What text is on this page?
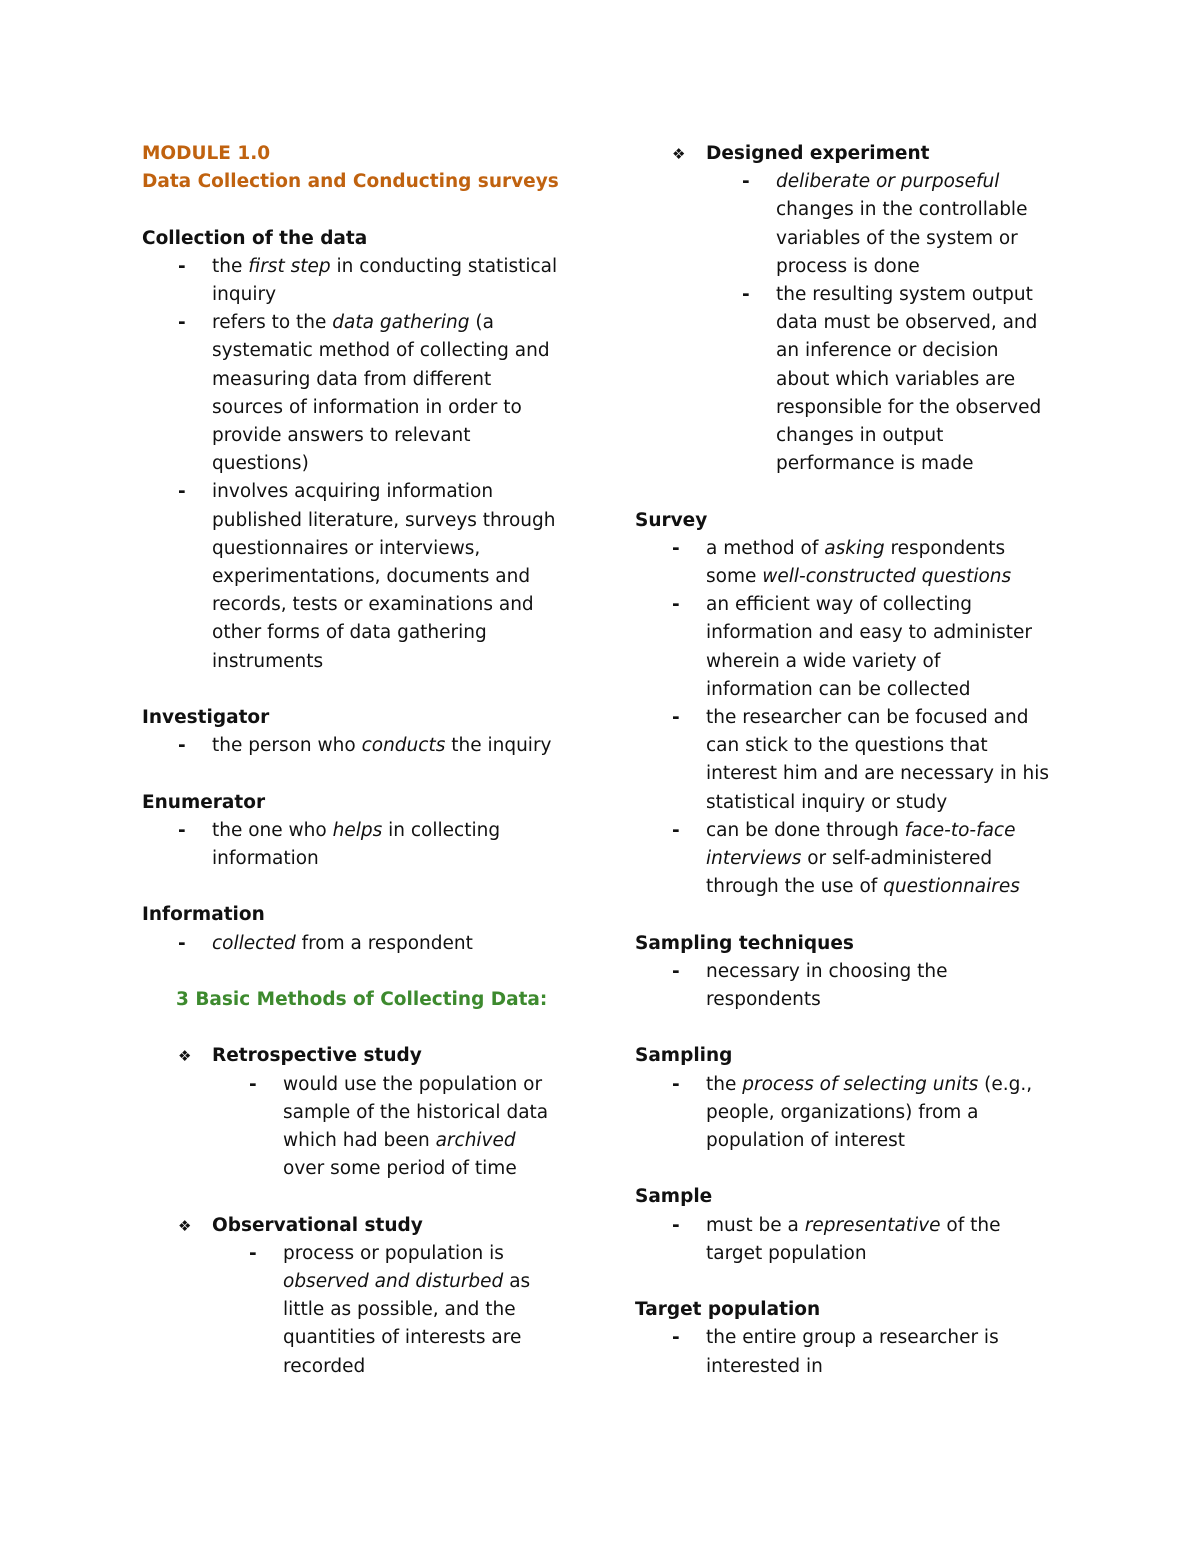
MODULE 1.0
Data Collection and Conducting surveys
Collection of the data
- the first step in conducting statistical
inquiry
- refers to the data gathering (a
systematic method of collecting and
measuring data from different
sources of information in order to
provide answers to relevant
questions)
- involves acquiring information
published literature, surveys through
questionnaires or interviews,
experimentations, documents and
records, tests or examinations and
other forms of data gathering
instruments
Investigator
- the person who conducts the inquiry
Enumerator
- the one who helps in collecting
information
Information
- collected from a respondent
3 Basic Methods of Collecting Data:
❖ Retrospective study
- would use the population or
sample of the historical data
which had been archived
over some period of time
❖ Observational study
- process or population is
observed and disturbed as
little as possible, and the
quantities of interests are
recorded
❖ Designed experiment
- deliberate or purposeful
changes in the controllable
variables of the system or
process is done
- the resulting system output
data must be observed, and
an inference or decision
about which variables are
responsible for the observed
changes in output
performance is made
Survey
- a method of asking respondents
some well-constructed questions
- an efficient way of collecting
information and easy to administer
wherein a wide variety of
information can be collected
- the researcher can be focused and
can stick to the questions that
interest him and are necessary in his
statistical inquiry or study
- can be done through face-to-face
interviews or self-administered
through the use of questionnaires
Sampling techniques
- necessary in choosing the
respondents
Sampling
- the process of selecting units (e.g.,
people, organizations) from a
population of interest
Sample
- must be a representative of the
target population
Target population
- the entire group a researcher is
interested in
